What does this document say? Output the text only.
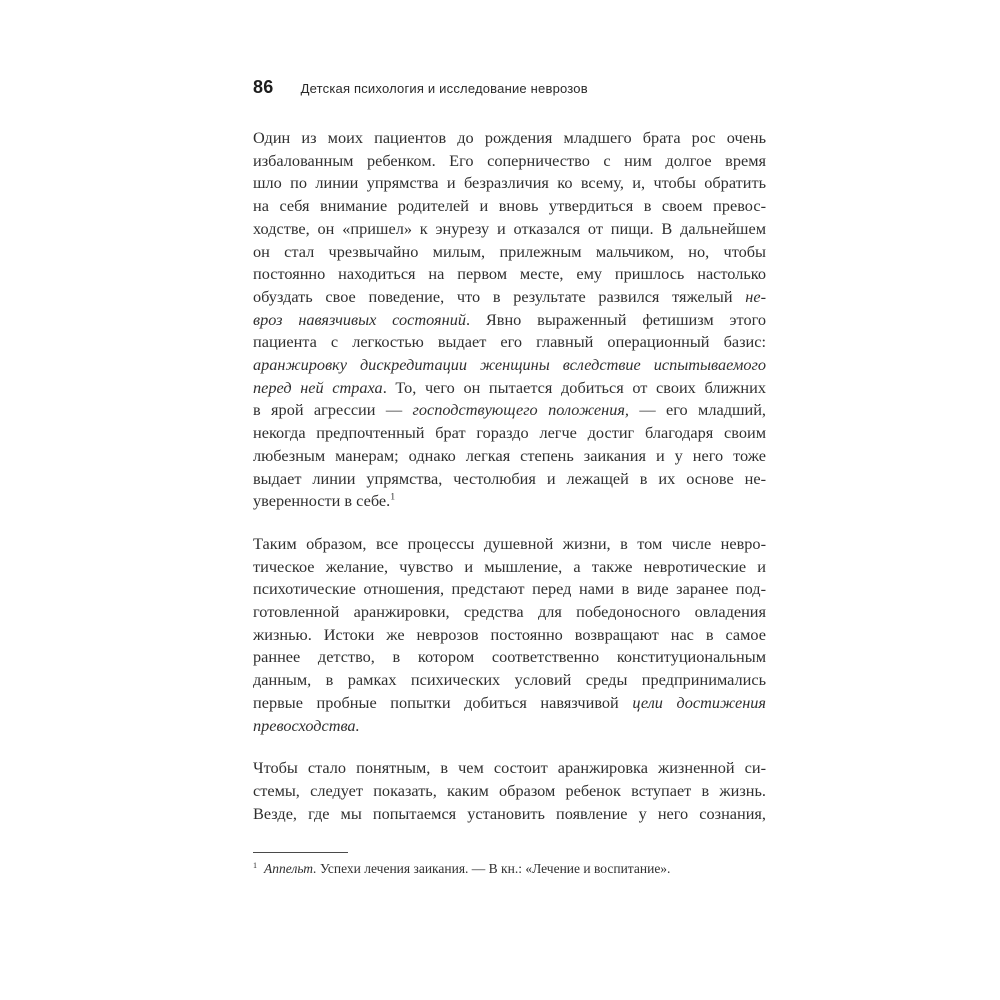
86 Детская психология и исследование неврозов
Один из моих пациентов до рождения младшего брата рос очень
избалованным ребенком. Его соперничество с ним долгое время
шло по линии упрямства и безразличия ко всему, и, чтобы обратить
на себя внимание родителей и вновь утвердиться в своем превос-
ходстве, он «пришел» к энурезу и отказался от пищи. В дальнейшем
он стал чрезвычайно милым, прилежным мальчиком, но, чтобы
постоянно находиться на первом месте, ему пришлось настолько
обуздать свое поведение, что в результате развился тяжелый не-
вроз навязчивых состояний. Явно выраженный фетишизм этого
пациента с легкостью выдает его главный операционный базис:
аранжировку дискредитации женщины вследствие испытываемого
перед ней страха. То, чего он пытается добиться от своих ближних
в ярой агрессии — господствующего положения, — его младший,
некогда предпочтенный брат гораздо легче достиг благодаря своим
любезным манерам; однако легкая степень заикания и у него тоже
выдает линии упрямства, честолюбия и лежащей в их основе не-
уверенности в себе.$^1$
Таким образом, все процессы душевной жизни, в том числе невро-
тическое желание, чувство и мышление, а также невротические и
психотические отношения, предстают перед нами в виде заранее под-
готовленной аранжировки, средства для победоносного овладения
жизнью. Истоки же неврозов постоянно возвращают нас в самое
раннее детство, в котором соответственно конституциональным
данным, в рамках психических условий среды предпринимались
первые пробные попытки добиться навязчивой цели достижения
превосходства.
Чтобы стало понятным, в чем состоит аранжировка жизненной си-
стемы, следует показать, каким образом ребенок вступает в жизнь.
Везде, где мы попытаемся установить появление у него сознания,
$^1$ Аппельт. Успехи лечения заикания. — В кн.: «Лечение и воспитание».
